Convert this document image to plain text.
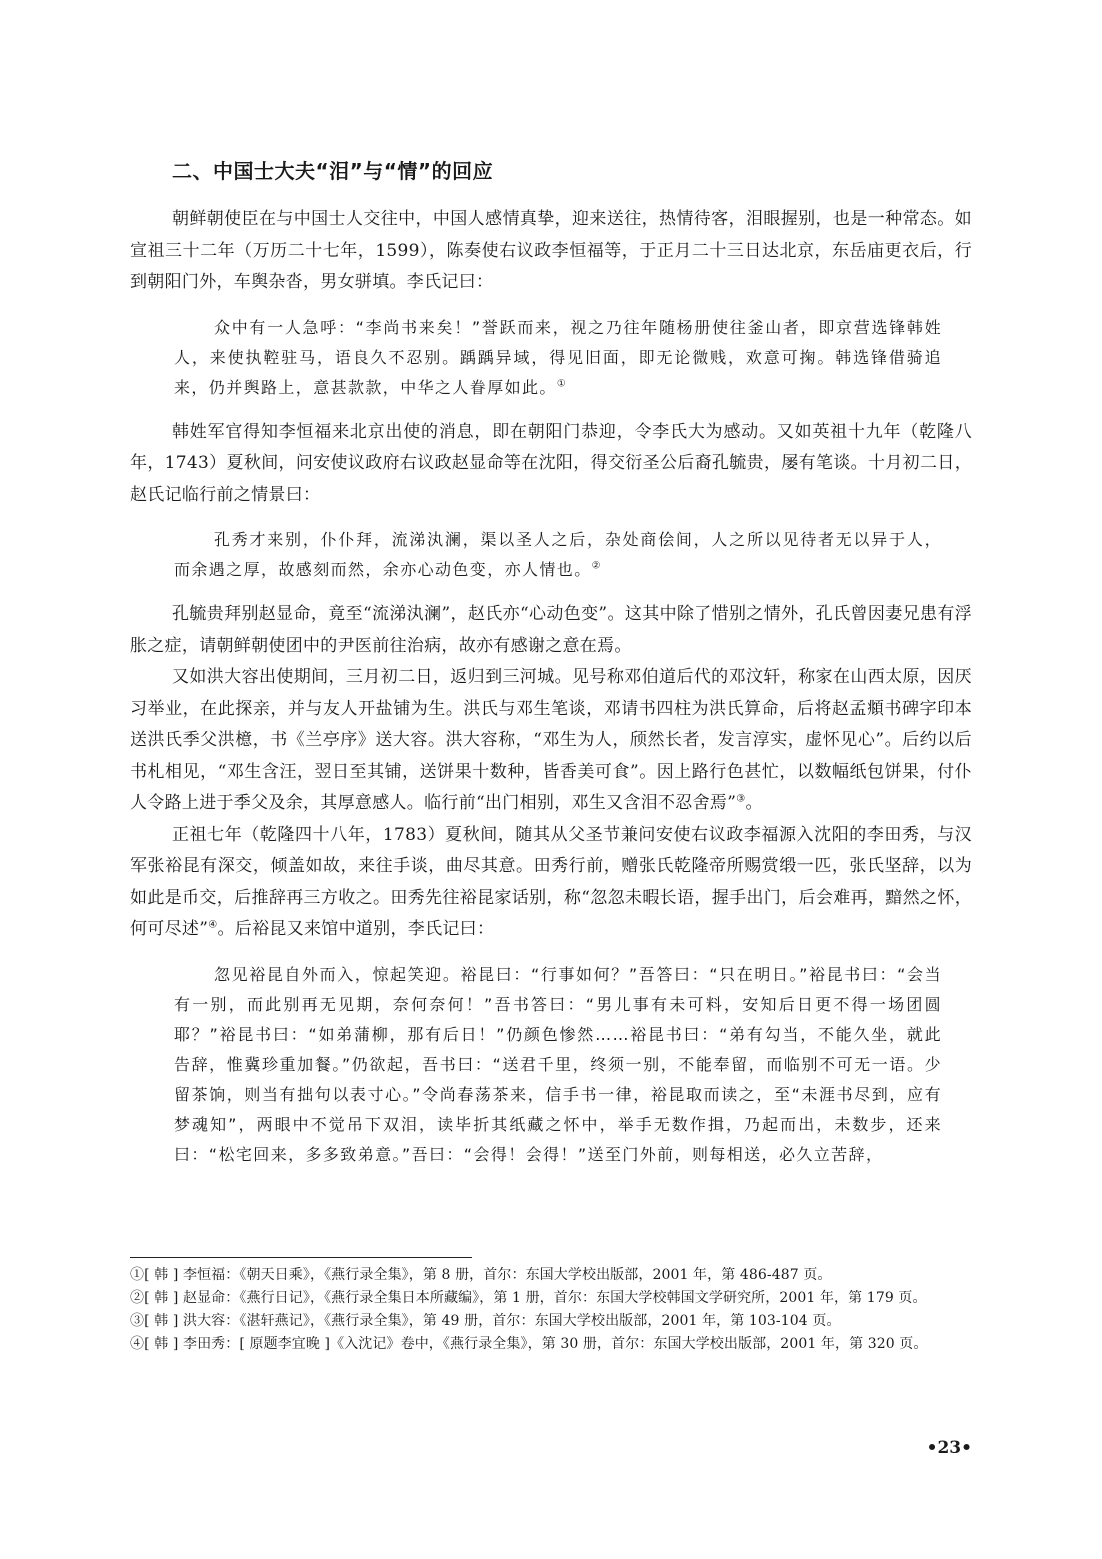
二、中国士大夫“泪”与“情”的回应

朝鲜朝使臣在与中国士人交往中，中国人感情真挚，迎来送往，热情待客，泪眼握别，也是一种常态。如宣祖三十二年（万历二十七年，1599），陈奏使右议政李恒福等，于正月二十三日达北京，东岳庙更衣后，行到朝阳门外，车舆杂沓，男女骈填。李氏记曰：

众中有一人急呼：“李尚书来矣！”誉跃而来，视之乃往年随杨册使往釜山者，即京营选锋韩姓人，来使执鞚驻马，语良久不忍别。踽踽异域，得见旧面，即无论微贱，欢意可掬。韩选锋借骑追来，仍并舆路上，意甚款款，中华之人眷厚如此。①

韩姓军官得知李恒福来北京出使的消息，即在朝阳门恭迎，令李氏大为感动。又如英祖十九年（乾隆八年，1743）夏秋间，问安使议政府右议政赵显命等在沈阳，得交衍圣公后裔孔毓贵，屡有笔谈。十月初二日，赵氏记临行前之情景曰：

孔秀才来别，仆仆拜，流涕汍澜，渠以圣人之后，杂处商侩间，人之所以见待者无以异于人，而余遇之厚，故感刻而然，余亦心动色变，亦人情也。②

孔毓贵拜别赵显命，竟至“流涕汍澜”，赵氏亦“心动色变”。这其中除了惜别之情外，孔氏曾因妻兄患有浮胀之症，请朝鲜朝使团中的尹医前往治病，故亦有感谢之意在焉。

又如洪大容出使期间，三月初二日，返归到三河城。见号称邓伯道后代的邓汶轩，称家在山西太原，因厌习举业，在此探亲，并与友人开盐铺为生。洪氏与邓生笔谈，邓请书四柱为洪氏算命，后将赵孟頫书碑字印本送洪氏季父洪檍，书《兰亭序》送大容。洪大容称，“邓生为人，颀然长者，发言淳实，虚怀见心”。后约以后书札相见，“邓生含汪，翌日至其铺，送饼果十数种，皆香美可食”。因上路行色甚忙，以数幅纸包饼果，付仆人令路上进于季父及余，其厚意感人。临行前“出门相别，邓生又含泪不忍舍焉”③。

正祖七年（乾隆四十八年，1783）夏秋间，随其从父圣节兼问安使右议政李福源入沈阳的李田秀，与汉军张裕昆有深交，倾盖如故，来往手谈，曲尽其意。田秀行前，赠张氏乾隆帝所赐赏缎一匹，张氏坚辞，以为如此是币交，后推辞再三方收之。田秀先往裕昆家话别，称“忽忽未暇长语，握手出门，后会难再，黯然之怀，何可尽述”④。后裕昆又来馆中道别，李氏记曰：

忽见裕昆自外而入，惊起笑迎。裕昆曰：“行事如何？”吾答曰：“只在明日。”裕昆书曰：“会当有一别，而此别再无见期，奈何奈何！”吾书答曰：“男儿事有未可料，安知后日更不得一场团圆耶？”裕昆书曰：“如弟蒲柳，那有后日！”仍颜色惨然……裕昆书曰：“弟有勾当，不能久坐，就此告辞，惟冀珍重加餐。”仍欲起，吾书曰：“送君千里，终须一别，不能奉留，而临别不可无一语。少留茶饷，则当有拙句以表寸心。”令尚春荡茶来，信手书一律，裕昆取而读之，至“未涯书尽到，应有梦魂知”，两眼中不觉吊下双泪，读毕折其纸藏之怀中，举手无数作揖，乃起而出，未数步，还来曰：“松宅回来，多多致弟意。”吾曰：“会得！会得！”送至门外前，则每相送，必久立苦辞，

①[ 韩 ] 李恒福：《朝天日乘》，《燕行录全集》，第 8 册，首尔：东国大学校出版部，2001 年，第 486-487 页。

②[ 韩 ] 赵显命：《燕行日记》，《燕行录全集日本所藏编》，第 1 册，首尔：东国大学校韩国文学研究所，2001 年，第 179 页。

③[ 韩 ] 洪大容：《湛轩燕记》，《燕行录全集》，第 49 册，首尔：东国大学校出版部，2001 年，第 103-104 页。

④[ 韩 ] 李田秀：[ 原题李宜晚 ]《入沈记》卷中，《燕行录全集》，第 30 册，首尔：东国大学校出版部，2001 年，第 320 页。

•23•
